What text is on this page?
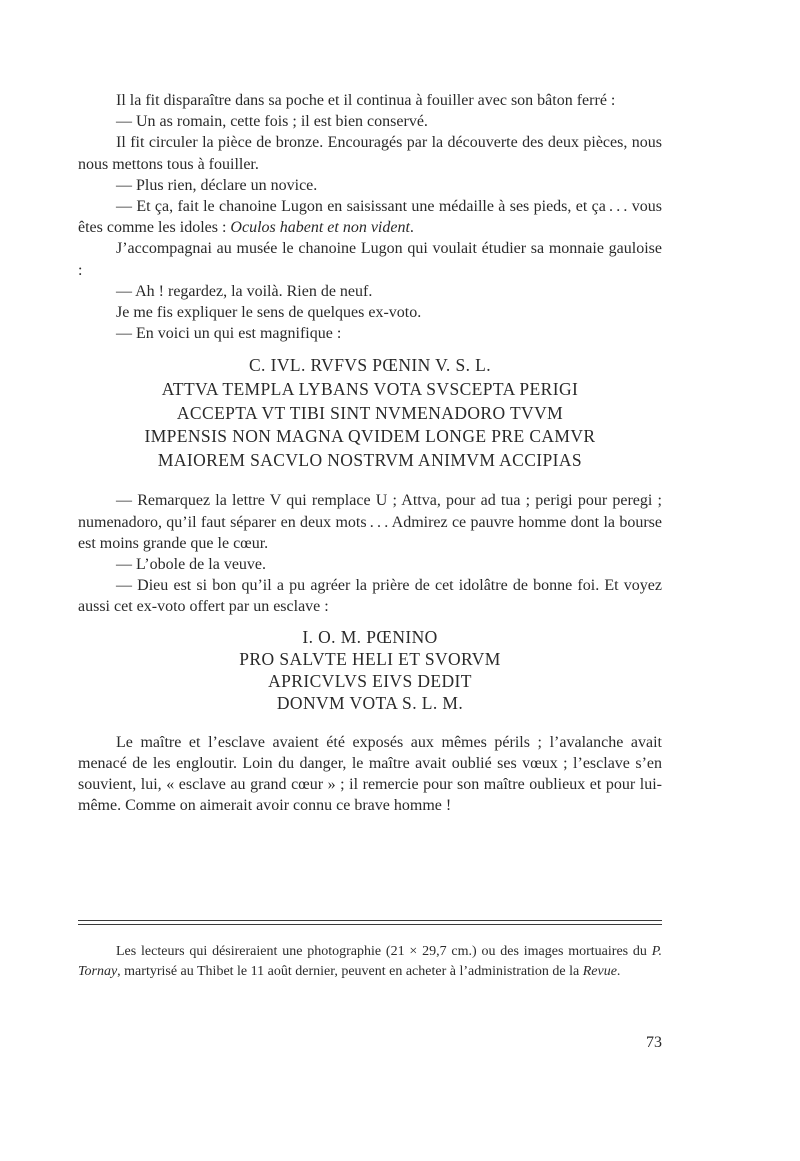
Il la fit disparaître dans sa poche et il continua à fouiller avec son bâton ferré :

— Un as romain, cette fois ; il est bien conservé.

Il fit circuler la pièce de bronze. Encouragés par la découverte des deux pièces, nous nous mettons tous à fouiller.

— Plus rien, déclare un novice.

— Et ça, fait le chanoine Lugon en saisissant une médaille à ses pieds, et ça . . . vous êtes comme les idoles : Oculos habent et non vident.

J’accompagnai au musée le chanoine Lugon qui voulait étudier sa monnaie gauloise :

— Ah ! regardez, la voilà. Rien de neuf.

Je me fis expliquer le sens de quelques ex-voto.

— En voici un qui est magnifique :

C. IVL. RVFVS PŒNIN V. S. L.
ATTVA TEMPLA LYBANS VOTA SVSCEPTA PERIGI
ACCEPTA VT TIBI SINT NVMENADORO TVVM
IMPENSIS NON MAGNA QVIDEM LONGE PRE CAMVR
MAIOREM SACVLO NOSTRVM ANIMVM ACCIPIAS

— Remarquez la lettre V qui remplace U ; Attva, pour ad tua ; perigi pour peregi ; numenadoro, qu’il faut séparer en deux mots . . . Admirez ce pauvre homme dont la bourse est moins grande que le cœur.

— L’obole de la veuve.

— Dieu est si bon qu’il a pu agréer la prière de cet idolâtre de bonne foi. Et voyez aussi cet ex-voto offert par un esclave :

I. O. M. PŒNINO
PRO SALVTE HELI ET SVORVM
APRICVLVS EIVS DEDIT
DONVM VOTA S. L. M.

Le maître et l’esclave avaient été exposés aux mêmes périls ; l’avalanche avait menacé de les engloutir. Loin du danger, le maître avait oublié ses vœux ; l’esclave s’en souvient, lui, « esclave au grand cœur » ; il remercie pour son maître oublieux et pour lui-même. Comme on aimerait avoir connu ce brave homme !

Les lecteurs qui désireraient une photographie (21 × 29,7 cm.) ou des images mortuaires du P. Tornay, martyrisé au Thibet le 11 août dernier, peuvent en acheter à l’administration de la Revue.

73
